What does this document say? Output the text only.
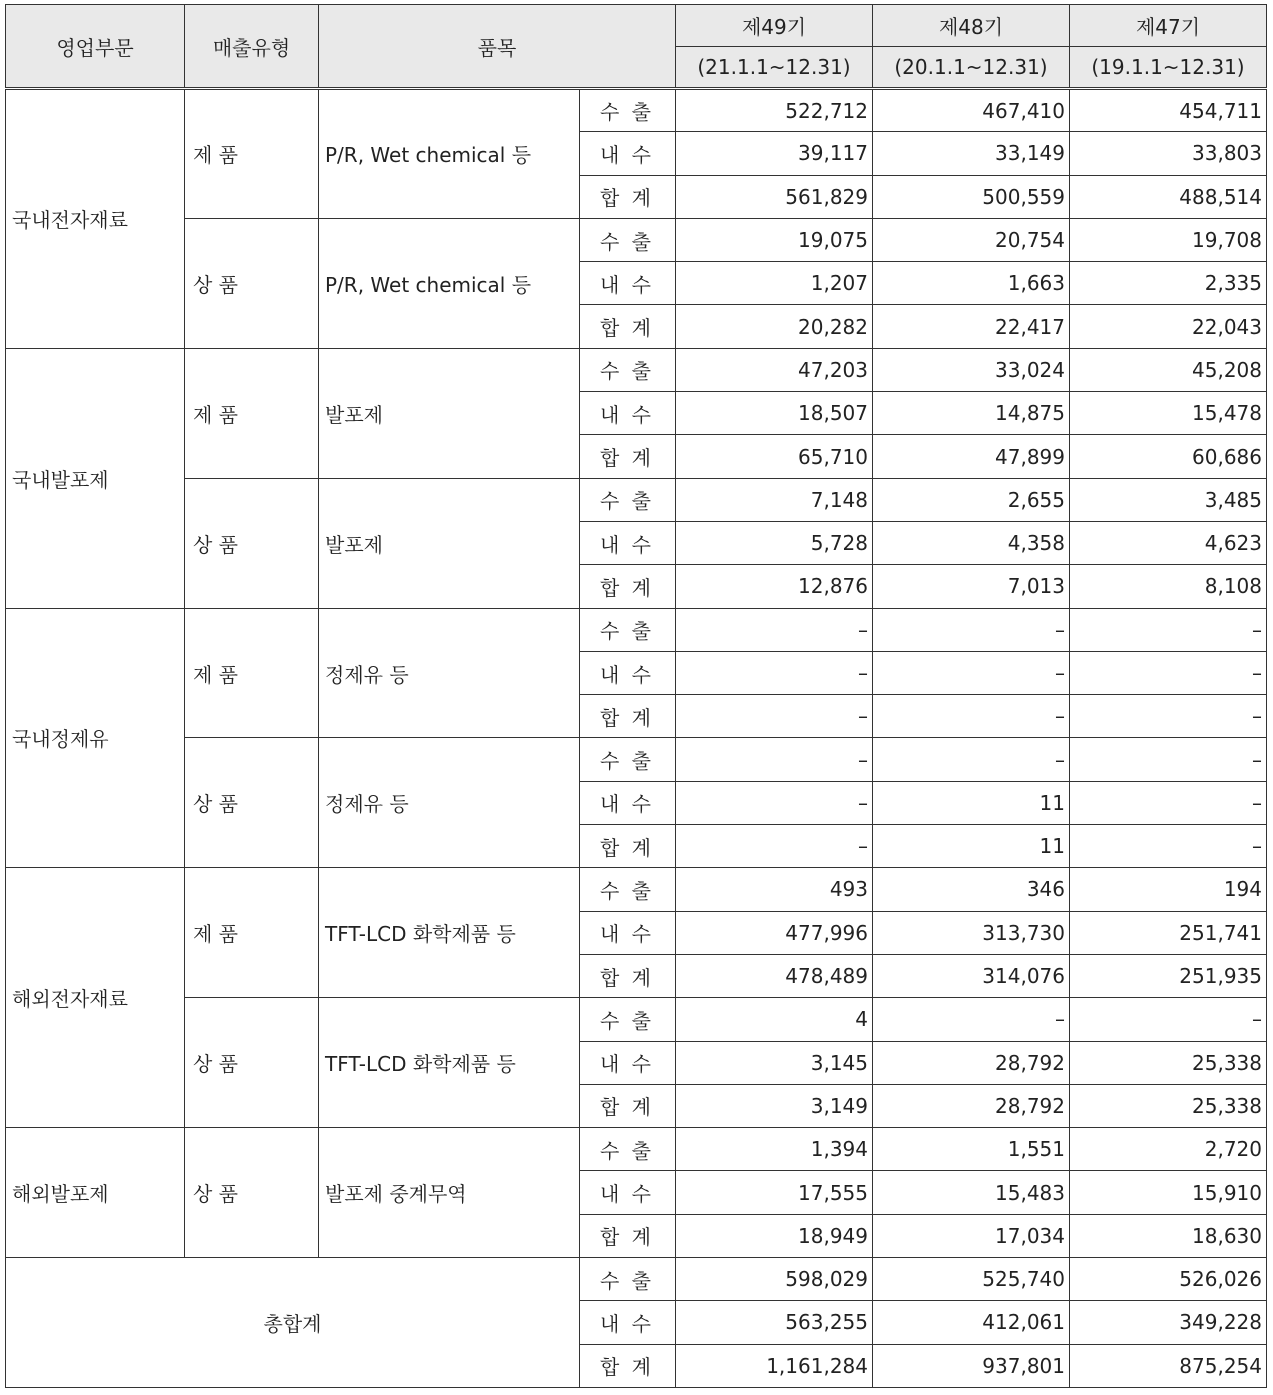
영업부문	매출유형	품목		제49기	제48기	제47기
				(21.1.1~12.31)	(20.1.1~12.31)	(19.1.1~12.31)
국내전자재료	제 품	P/R, Wet chemical 등	수 출	522,712	467,410	454,711
			내 수	39,117	33,149	33,803
			합 계	561,829	500,559	488,514
	상 품	P/R, Wet chemical 등	수 출	19,075	20,754	19,708
			내 수	1,207	1,663	2,335
			합 계	20,282	22,417	22,043
국내발포제	제 품	발포제	수 출	47,203	33,024	45,208
			내 수	18,507	14,875	15,478
			합 계	65,710	47,899	60,686
	상 품	발포제	수 출	7,148	2,655	3,485
			내 수	5,728	4,358	4,623
			합 계	12,876	7,013	8,108
국내정제유	제 품	정제유 등	수 출	–	–	–
			내 수	–	–	–
			합 계	–	–	–
	상 품	정제유 등	수 출	–	–	–
			내 수	–	11	–
			합 계	–	11	–
해외전자재료	제 품	TFT-LCD 화학제품 등	수 출	493	346	194
			내 수	477,996	313,730	251,741
			합 계	478,489	314,076	251,935
	상 품	TFT-LCD 화학제품 등	수 출	4	–	–
			내 수	3,145	28,792	25,338
			합 계	3,149	28,792	25,338
해외발포제	상 품	발포제 중계무역	수 출	1,394	1,551	2,720
			내 수	17,555	15,483	15,910
			합 계	18,949	17,034	18,630
총합계			수 출	598,029	525,740	526,026
			내 수	563,255	412,061	349,228
			합 계	1,161,284	937,801	875,254
